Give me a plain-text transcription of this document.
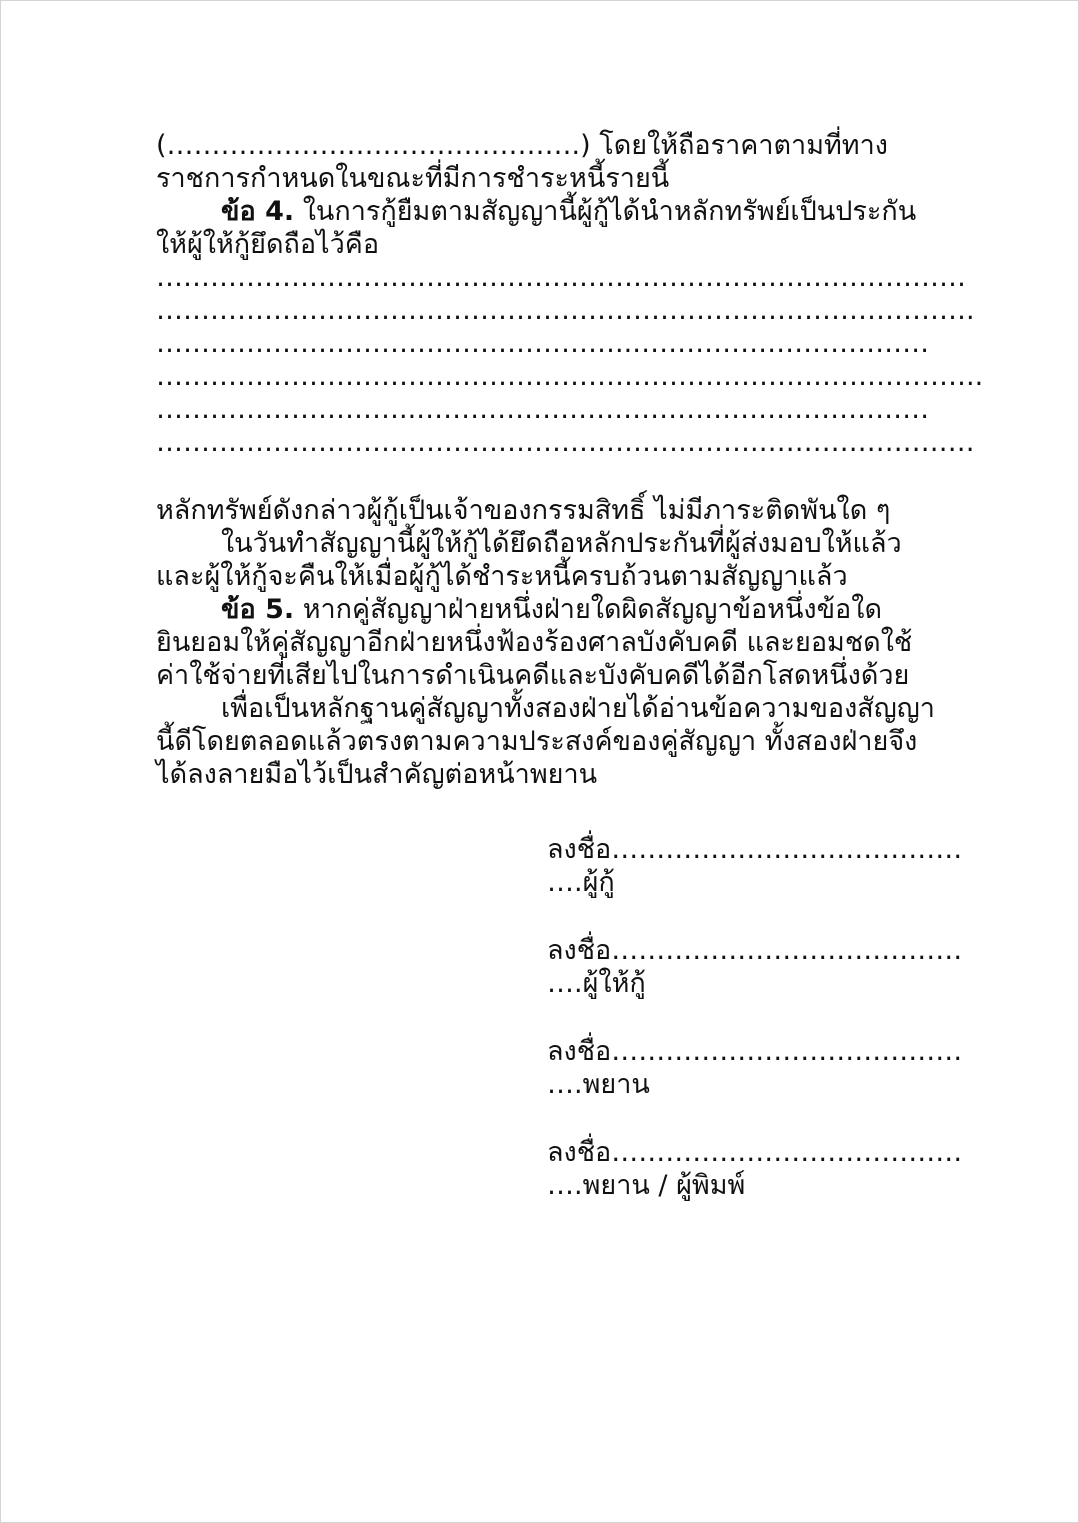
(……………………………………….) โดยให้ถือราคาตามที่ทาง
ราชการกำหนดในขณะที่มีการชำระหนี้รายนี้
ข้อ 4. ในการกู้ยืมตามสัญญานี้ผู้กู้ได้นำหลักทรัพย์เป็นประกัน
ให้ผู้ให้กู้ยึดถือไว้คือ
………………………………………………………………………………
……………………………………………………………………………….
……………………………………………..……………………………
………………………………………………………………………………..
………………………..…………………………………………………
………………………………………………………….……………………
หลักทรัพย์ดังกล่าวผู้กู้เป็นเจ้าของกรรมสิทธิ์ ไม่มีภาระติดพันใด ๆ
ในวันทำสัญญานี้ผู้ให้กู้ได้ยึดถือหลักประกันที่ผู้ส่งมอบให้แล้ว
และผู้ให้กู้จะคืนให้เมื่อผู้กู้ได้ชำระหนี้ครบถ้วนตามสัญญาแล้ว
ข้อ 5. หากคู่สัญญาฝ่ายหนึ่งฝ่ายใดผิดสัญญาข้อหนึ่งข้อใด
ยินยอมให้คู่สัญญาอีกฝ่ายหนึ่งฟ้องร้องศาลบังคับคดี และยอมชดใช้
ค่าใช้จ่ายที่เสียไปในการดำเนินคดีและบังคับคดีได้อีกโสดหนึ่งด้วย
เพื่อเป็นหลักฐานคู่สัญญาทั้งสองฝ่ายได้อ่านข้อความของสัญญา
นี้ดีโดยตลอดแล้วตรงตามความประสงค์ของคู่สัญญา ทั้งสองฝ่ายจึง
ได้ลงลายมือไว้เป็นสำคัญต่อหน้าพยาน
ลงชื่อ…………………………………
….ผู้กู้
ลงชื่อ…………………………………
….ผู้ให้กู้
ลงชื่อ…………………………………
….พยาน
ลงชื่อ…………………………………
….พยาน / ผู้พิมพ์
